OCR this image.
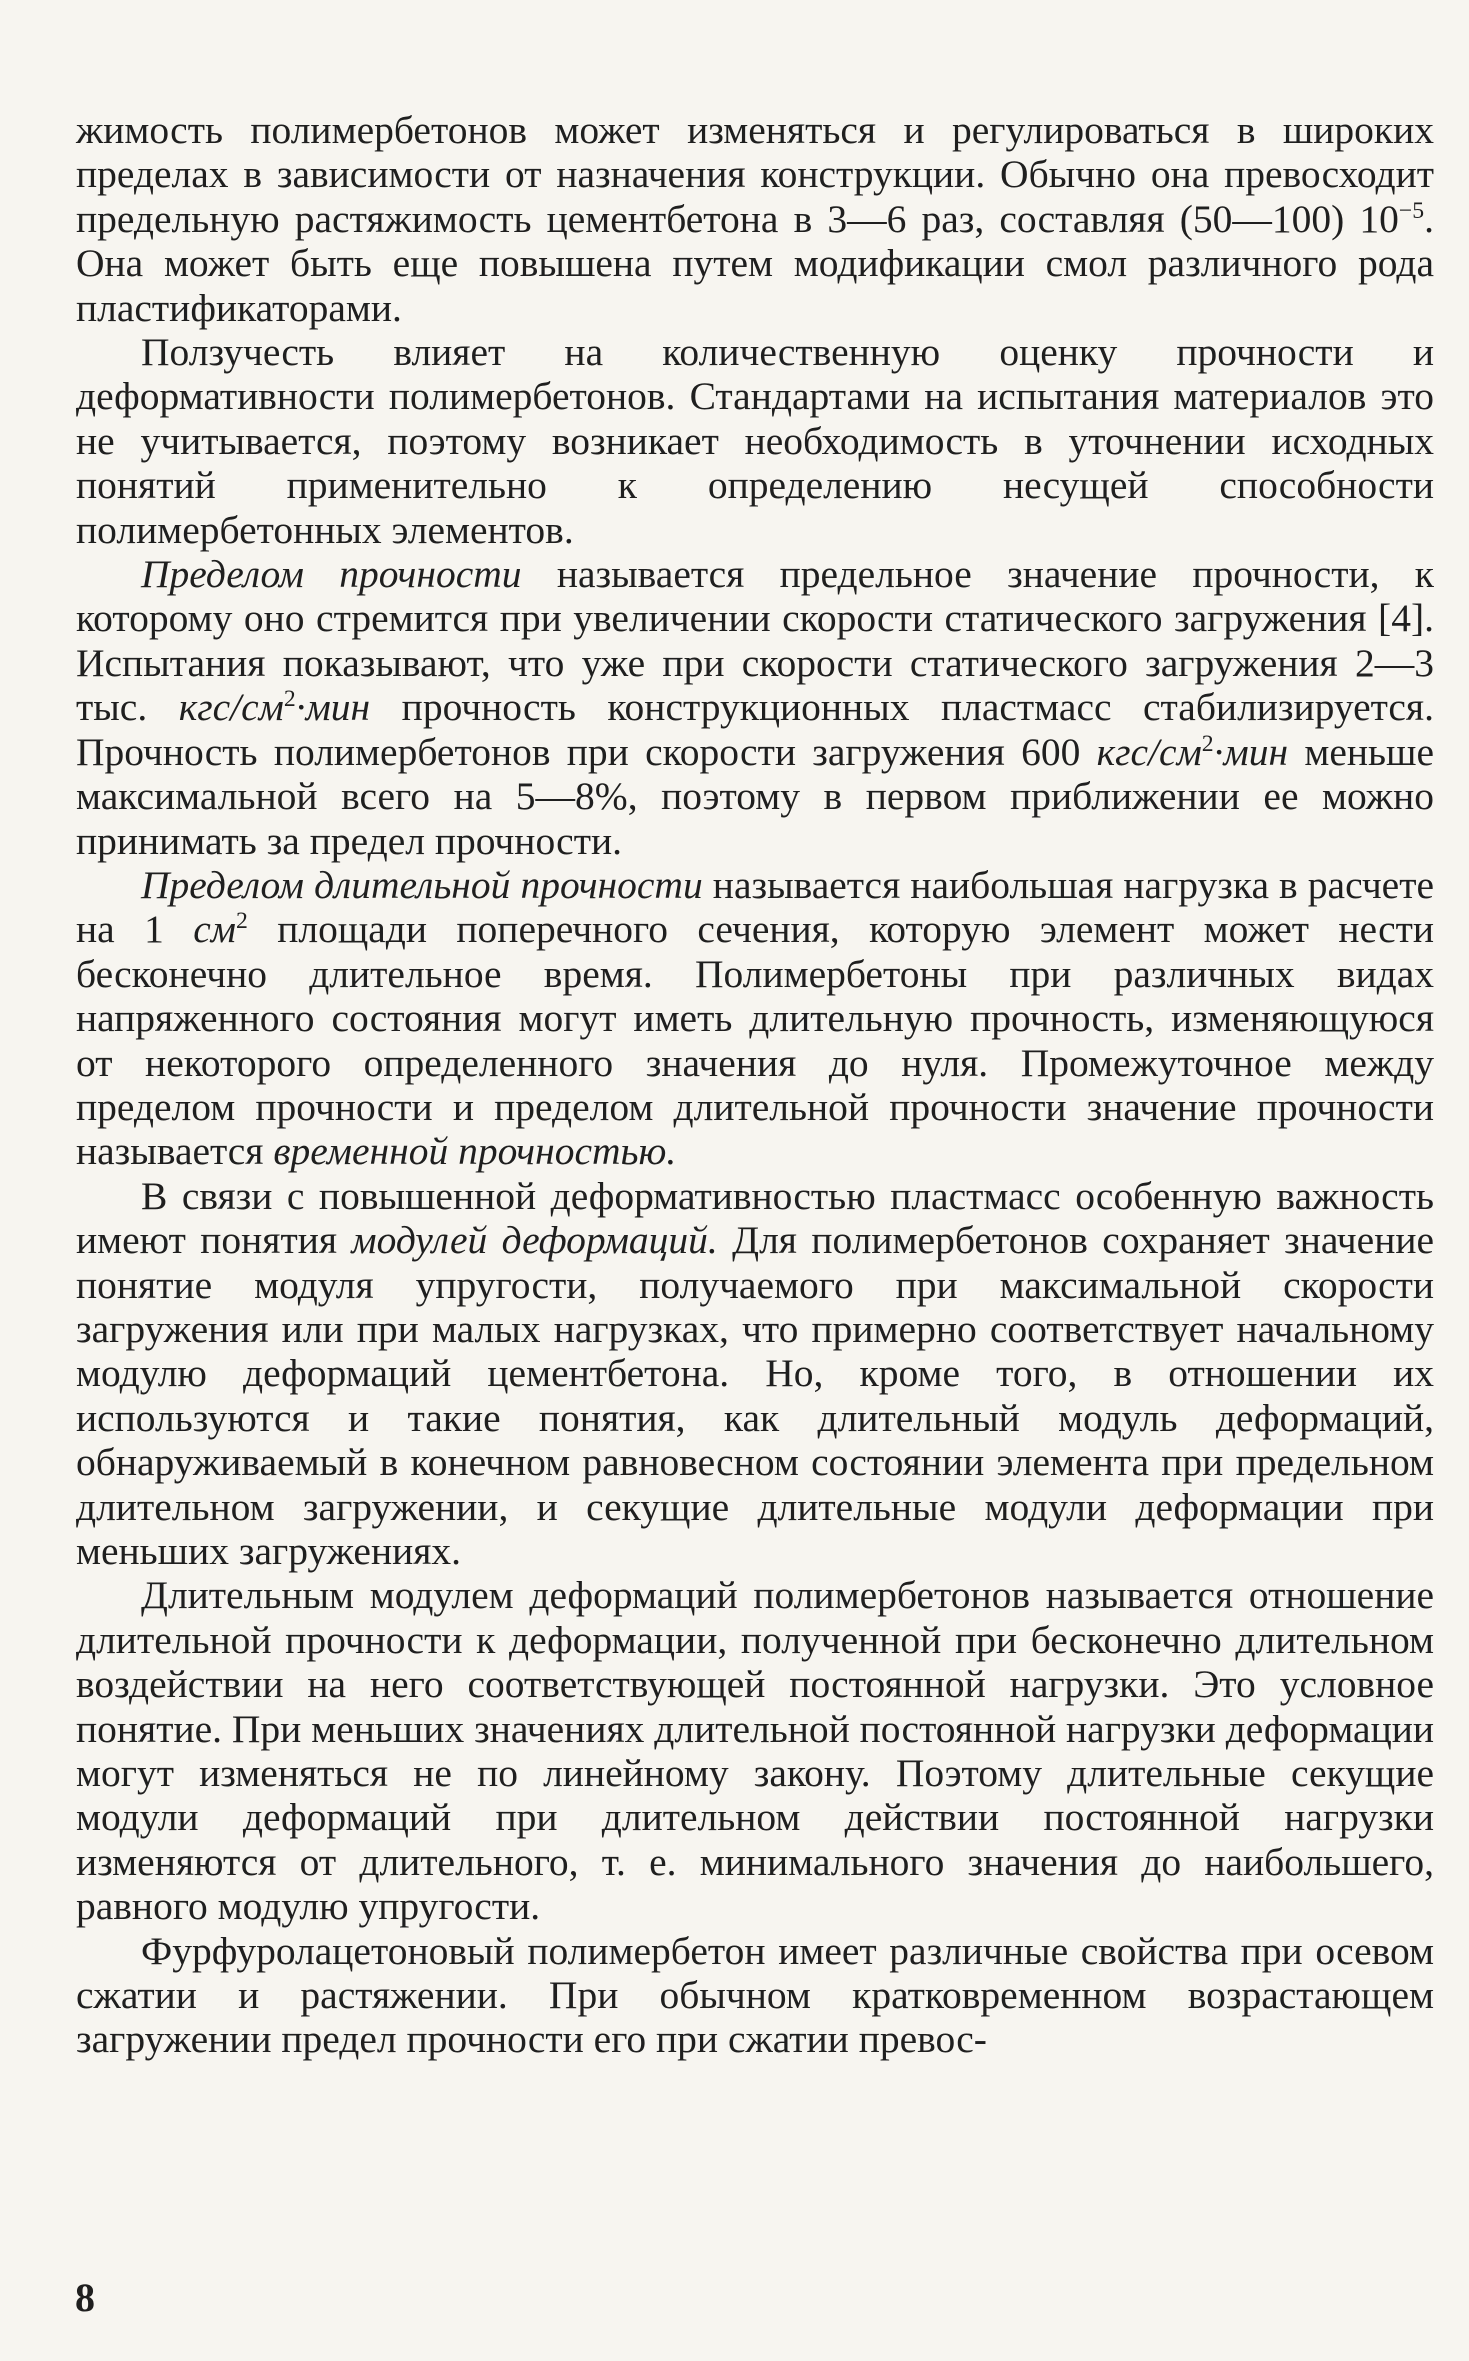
жимость полимербетонов может изменяться и регулироваться в широких пределах в зависимости от назначения конструкции. Обычно она превосходит предельную растяжимость цементбетона в 3—6 раз, составляя (50—100) $10^{-5}$. Она может быть еще повышена путем модификации смол различного рода пластификаторами.

Ползучесть влияет на количественную оценку прочности и деформативности полимербетонов. Стандартами на испытания материалов это не учитывается, поэтому возникает необходимость в уточнении исходных понятий применительно к определению несущей способности полимербетонных элементов.

Пределом прочности называется предельное значение прочности, к которому оно стремится при увеличении скорости статического загружения [4]. Испытания показывают, что уже при скорости статического загружения 2—3 тыс. кгс/$см^2\cdot мин$ прочность конструкционных пластмасс стабилизируется. Прочность полимербетонов при скорости загружения 600 кгс/$см^2\cdot мин$ меньше максимальной всего на 5—8%, поэтому в первом приближении ее можно принимать за предел прочности.

Пределом длительной прочности называется наибольшая нагрузка в расчете на 1 $см^2$ площади поперечного сечения, которую элемент может нести бесконечно длительное время. Полимербетоны при различных видах напряженного состояния могут иметь длительную прочность, изменяющуюся от некоторого определенного значения до нуля. Промежуточное между пределом прочности и пределом длительной прочности значение прочности называется временной прочностью.

В связи с повышенной деформативностью пластмасс особенную важность имеют понятия модулей деформаций. Для полимербетонов сохраняет значение понятие модуля упругости, получаемого при максимальной скорости загружения или при малых нагрузках, что примерно соответствует начальному модулю деформаций цементбетона. Но, кроме того, в отношении их используются и такие понятия, как длительный модуль деформаций, обнаруживаемый в конечном равновесном состоянии элемента при предельном длительном загружении, и секущие длительные модули деформации при меньших загружениях.

Длительным модулем деформаций полимербетонов называется отношение длительной прочности к деформации, полученной при бесконечно длительном воздействии на него соответствующей постоянной нагрузки. Это условное понятие. При меньших значениях длительной постоянной нагрузки деформации могут изменяться не по линейному закону. Поэтому длительные секущие модули деформаций при длительном действии постоянной нагрузки изменяются от длительного, т. е. минимального значения до наибольшего, равного модулю упругости.

Фурфуролацетоновый полимербетон имеет различные свойства при осевом сжатии и растяжении. При обычном кратковременном возрастающем загружении предел прочности его при сжатии превос-

8
